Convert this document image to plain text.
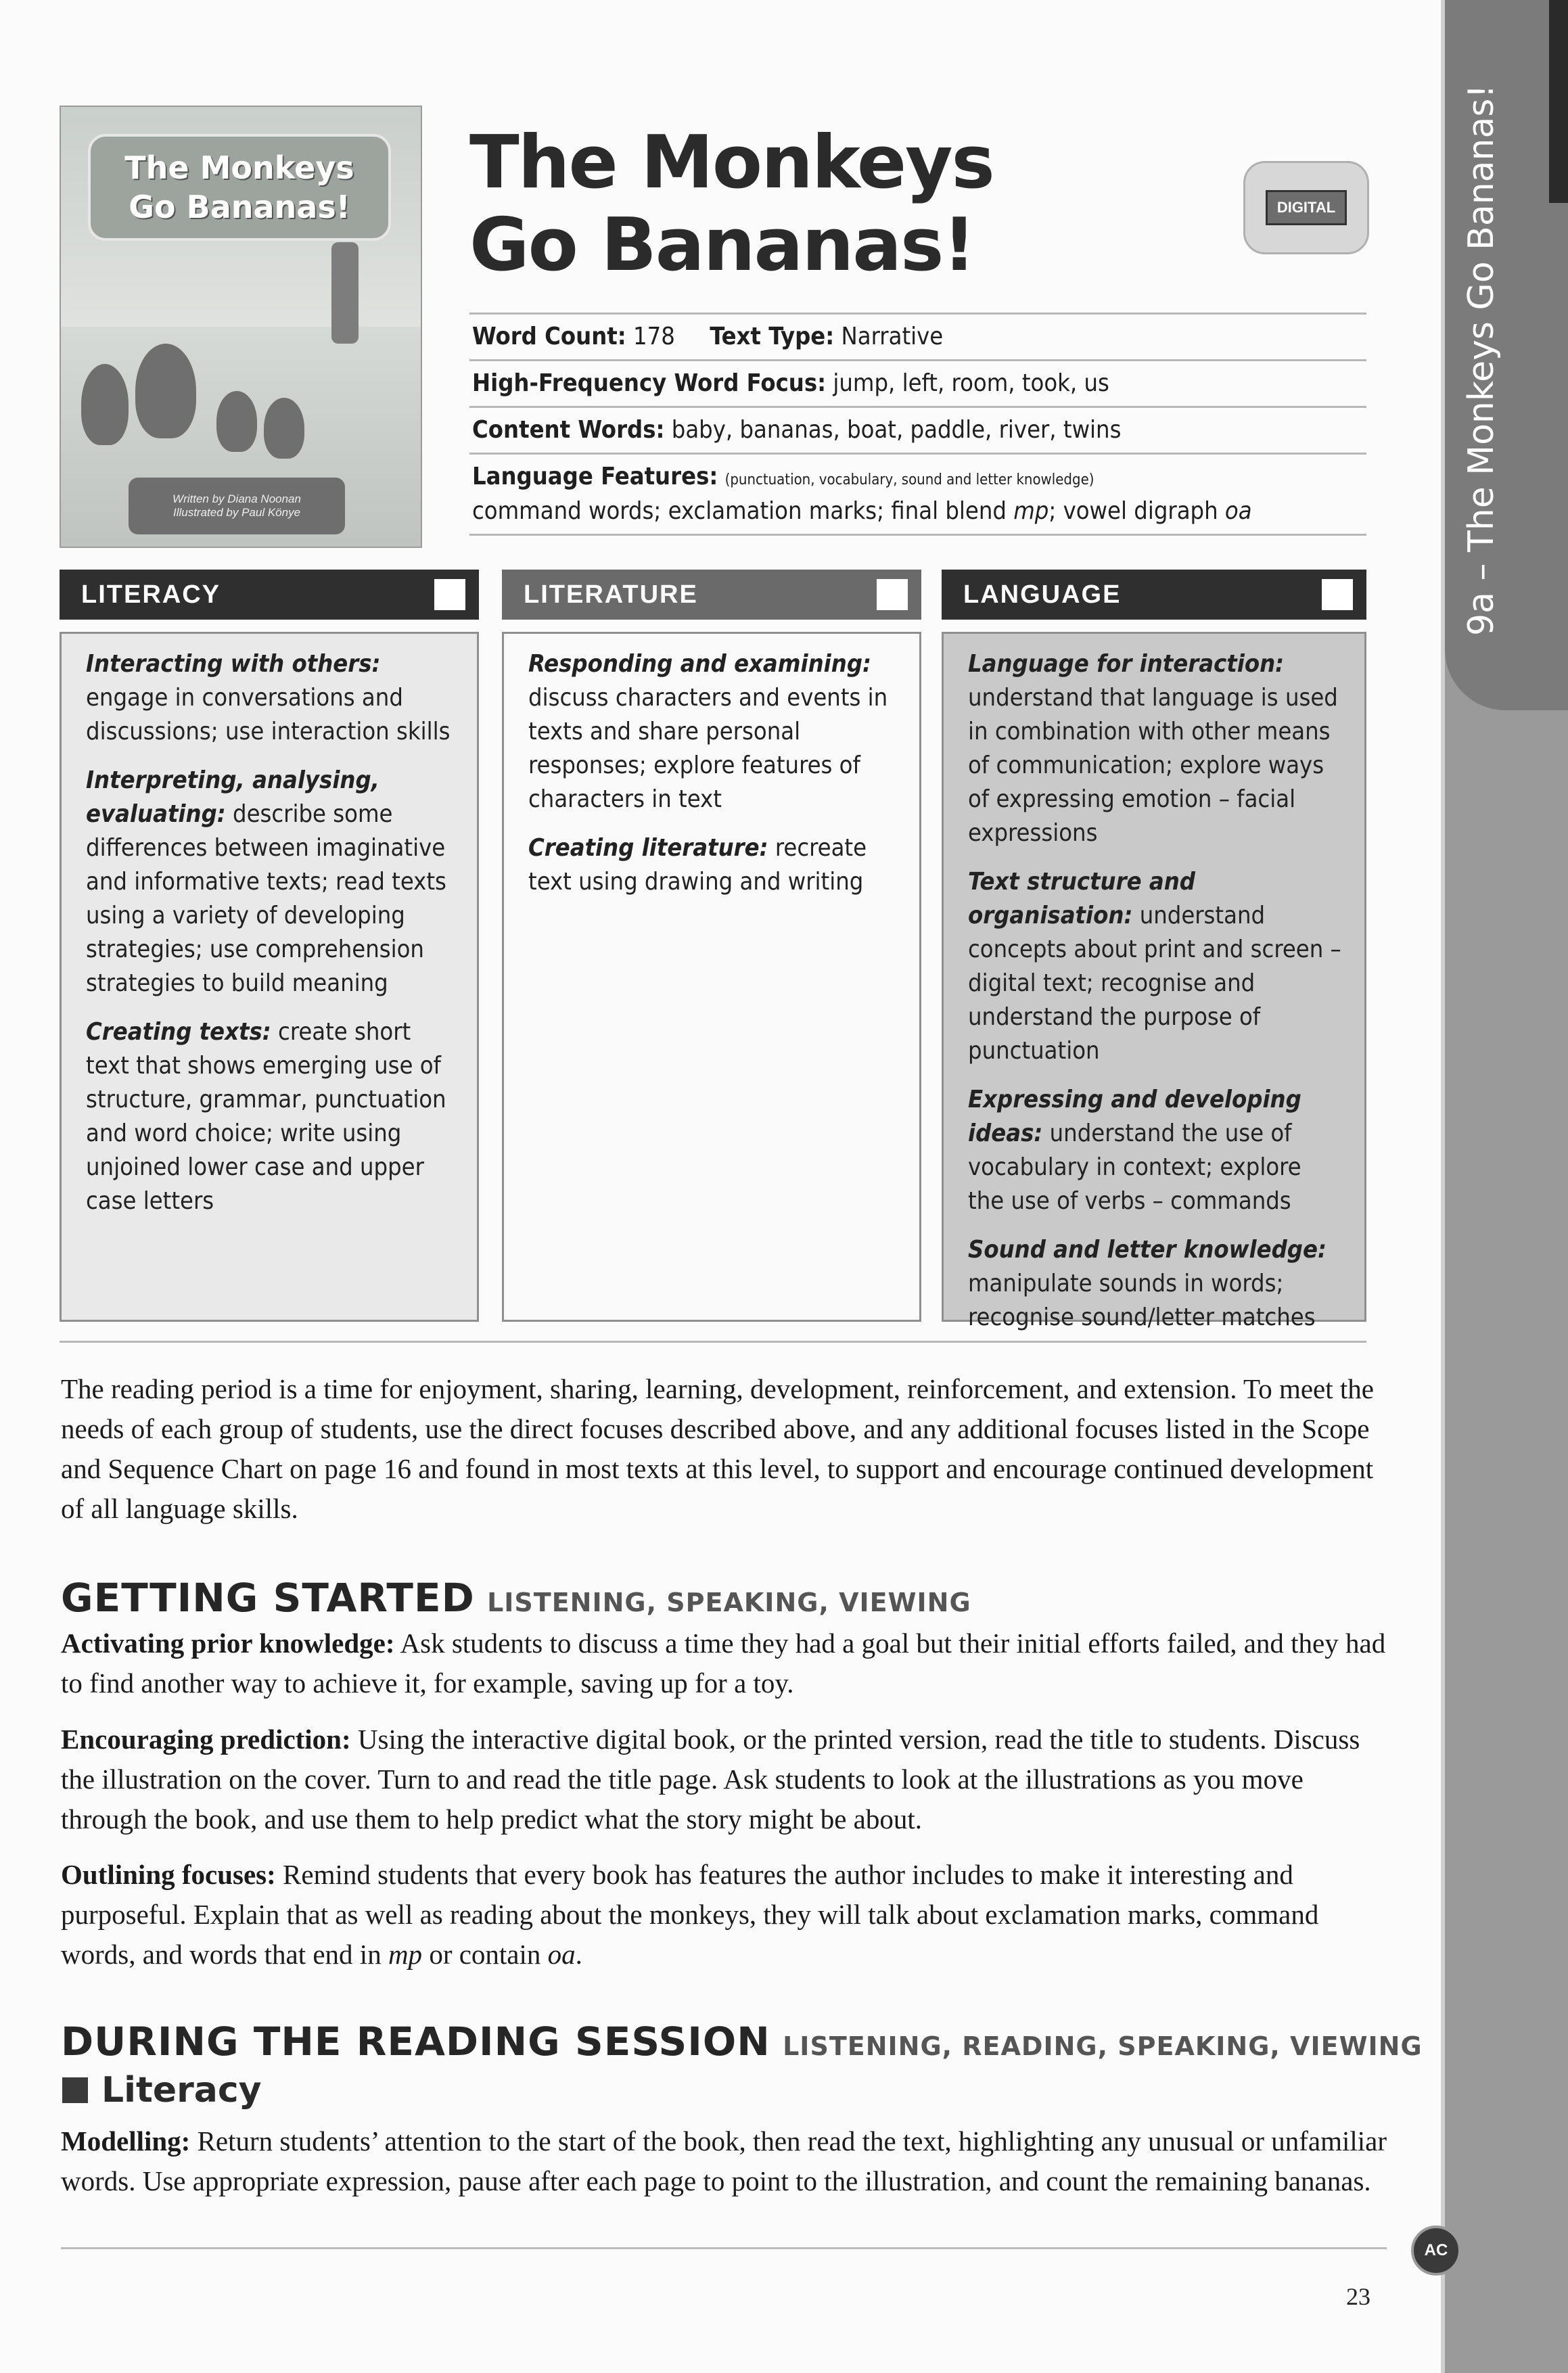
9a – The Monkeys Go Bananas!
The Monkeys
Go Bananas!
Written by Diana Noonan
Illustrated by Paul Könye
The Monkeys
Go Bananas!	DIGITAL
Word Count: 178 Text Type: Narrative
High-Frequency Word Focus: jump, left, room, took, us
Content Words: baby, bananas, boat, paddle, river, twins
Language Features: (punctuation, vocabulary, sound and letter knowledge)
command words; exclamation marks; final blend mp; vowel digraph oa
LITERACY

Interacting with others: engage in conversations and discussions; use interaction skills

Interpreting, analysing, evaluating: describe some differences between imaginative and informative texts; read texts using a variety of developing strategies; use comprehension strategies to build meaning

Creating texts: create short text that shows emerging use of structure, grammar, punctuation and word choice; write using unjoined lower case and upper case letters

LITERATURE

Responding and examining: discuss characters and events in texts and share personal responses; explore features of characters in text

Creating literature: recreate text using drawing and writing

LANGUAGE

Language for interaction: understand that language is used in combination with other means of communication; explore ways of expressing emotion – facial expressions

Text structure and organisation: understand concepts about print and screen – digital text; recognise and understand the purpose of punctuation

Expressing and developing ideas: understand the use of vocabulary in context; explore the use of verbs – commands

Sound and letter knowledge: manipulate sounds in words; recognise sound/letter matches

The reading period is a time for enjoyment, sharing, learning, development, reinforcement, and extension. To meet the needs of each group of students, use the direct focuses described above, and any additional focuses listed in the Scope and Sequence Chart on page 16 and found in most texts at this level, to support and encourage continued development of all language skills.

GETTING STARTED LISTENING, SPEAKING, VIEWING

Activating prior knowledge: Ask students to discuss a time they had a goal but their initial efforts failed, and they had to find another way to achieve it, for example, saving up for a toy.

Encouraging prediction: Using the interactive digital book, or the printed version, read the title to students. Discuss the illustration on the cover. Turn to and read the title page. Ask students to look at the illustrations as you move through the book, and use them to help predict what the story might be about.

Outlining focuses: Remind students that every book has features the author includes to make it interesting and purposeful. Explain that as well as reading about the monkeys, they will talk about exclamation marks, command words, and words that end in mp or contain oa.

DURING THE READING SESSION LISTENING, READING, SPEAKING, VIEWING
Literacy

Modelling: Return students’ attention to the start of the book, then read the text, highlighting any unusual or unfamiliar words. Use appropriate expression, pause after each page to point to the illustration, and count the remaining bananas.

AC
23
